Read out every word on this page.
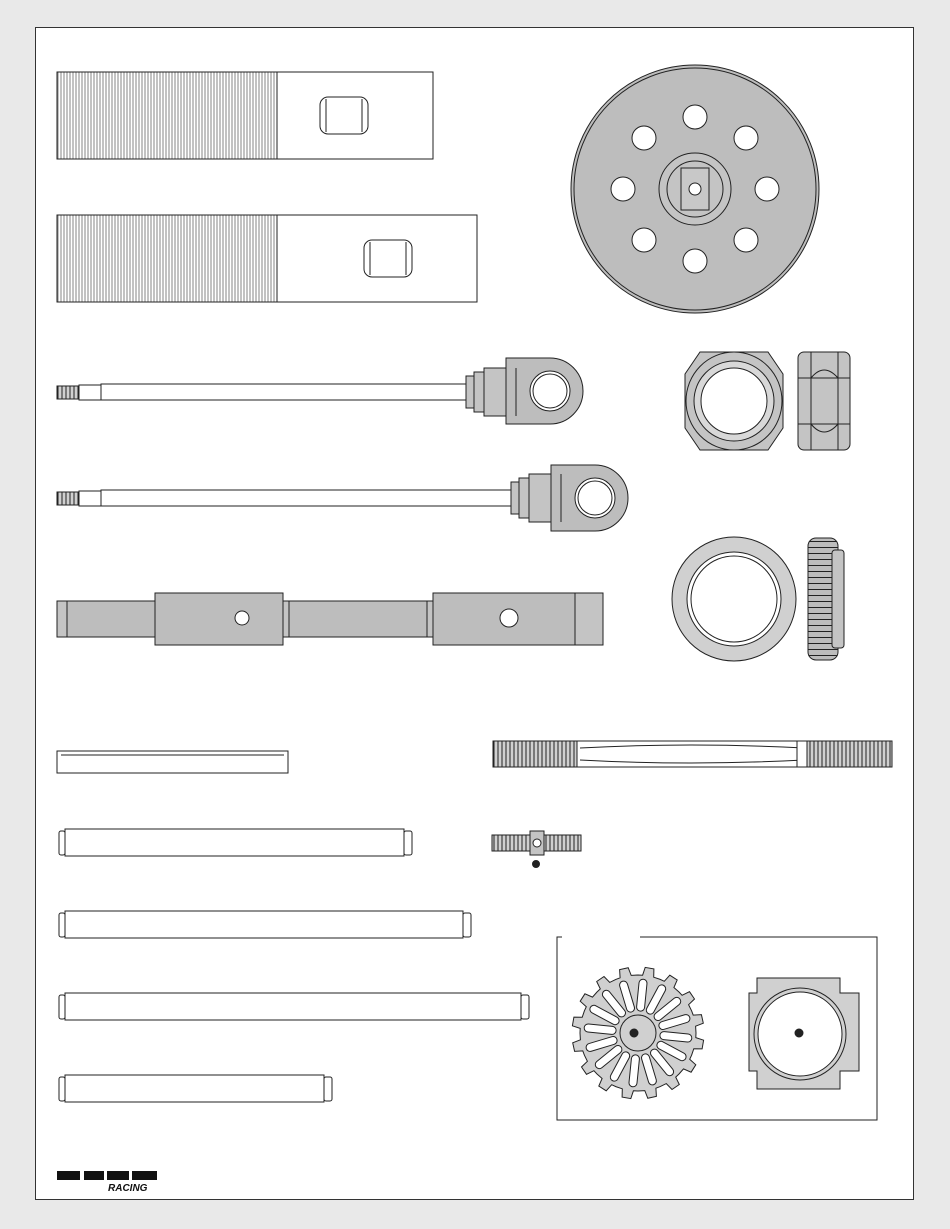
RACING
